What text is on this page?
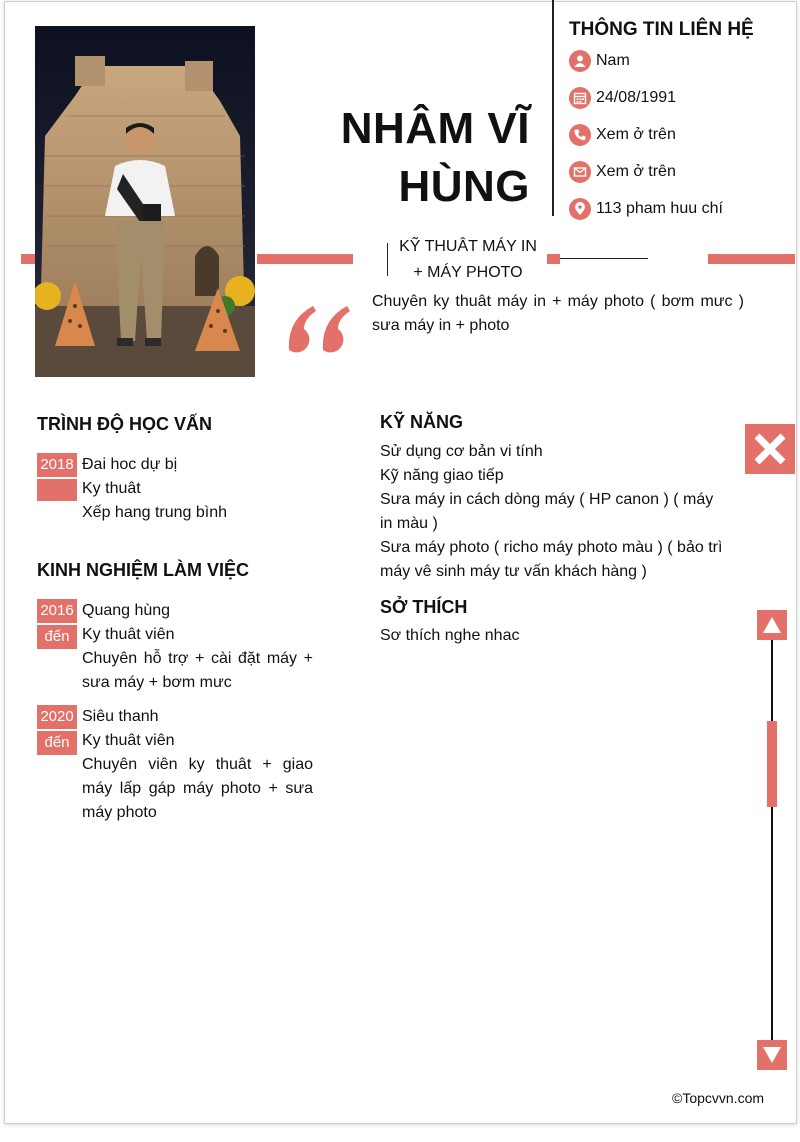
NHÂM VĨ
HÙNG
THÔNG TIN LIÊN HỆ
Nam
24/08/1991
Xem ở trên
Xem ở trên
113 pham huu chí
KỸ THUÂT MÁY IN
+ MÁY PHOTO
Chuyên ky thuât máy in + máy photo ( bơm mưc ) sưa máy in + photo
TRÌNH ĐỘ HỌC VẤN
2018 Đai hoc dự bị
Ky thuât
Xếp hang trung bình
KINH NGHIỆM LÀM VIỆC
2016
đến
Quang hùng
Ky thuât viên
Chuyên hỗ trợ + cài đặt máy + sưa máy + bơm mưc
2020
đến
Siêu thanh
Ky thuât viên
Chuyên viên ky thuât + giao máy lấp gáp máy photo + sưa máy photo
KỸ NĂNG
Sử dụng cơ bản vi tính
Kỹ năng giao tiếp
Sưa máy in cách dòng máy ( HP canon ) ( máy in màu )
Sưa máy photo ( richo máy photo màu ) ( bảo trì máy vê sinh máy tư vấn khách hàng )
SỞ THÍCH
Sơ thích nghe nhac
©Topcvvn.com
